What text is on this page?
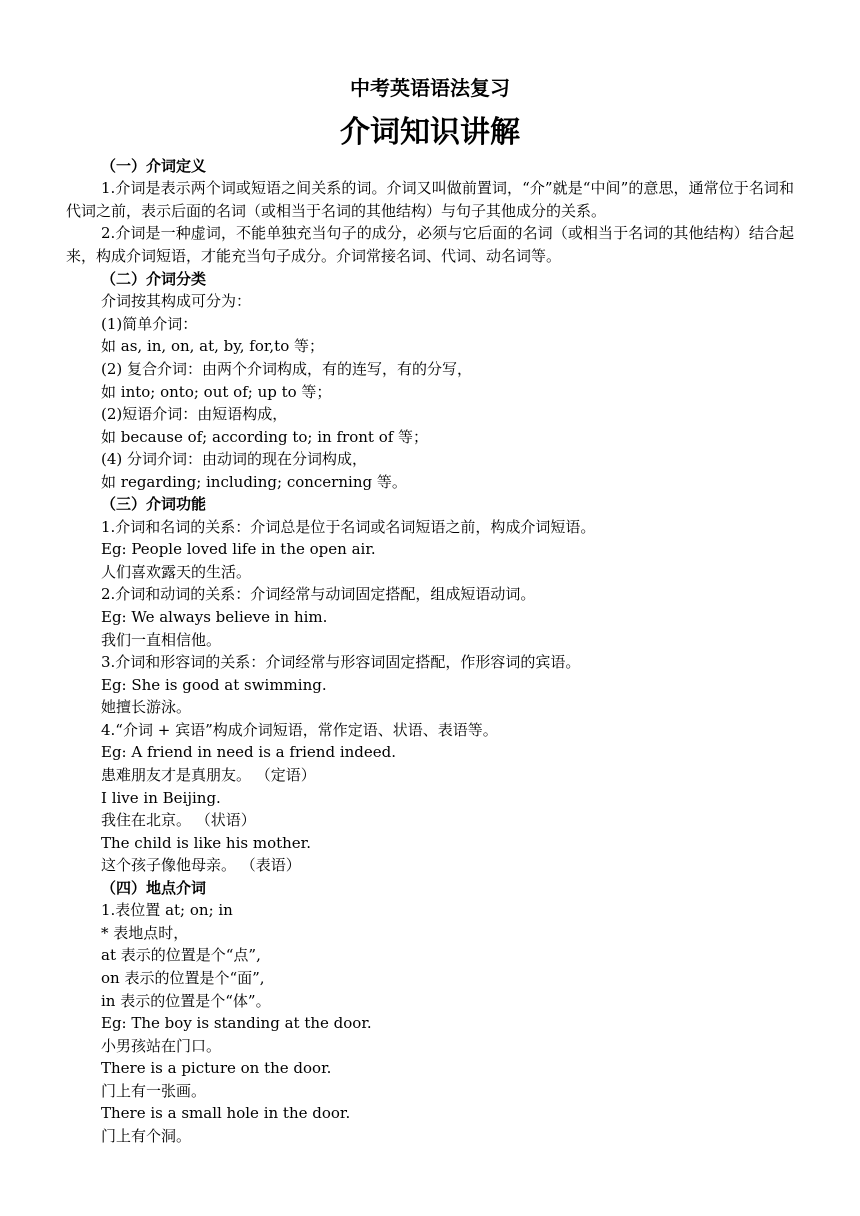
中考英语语法复习
介词知识讲解
（一）介词定义
1.介词是表示两个词或短语之间关系的词。介词又叫做前置词，“介”就是“中间”的意思，通常位于名词和代词之前，表示后面的名词（或相当于名词的其他结构）与句子其他成分的关系。
2.介词是一种虚词，不能单独充当句子的成分，必须与它后面的名词（或相当于名词的其他结构）结合起来，构成介词短语，才能充当句子成分。介词常接名词、代词、动名词等。
（二）介词分类
介词按其构成可分为：
(1)简单介词：
如 as, in, on, at, by, for,to 等；
(2) 复合介词：由两个介词构成，有的连写，有的分写，
如 into; onto; out of; up to 等；
(2)短语介词：由短语构成，
如 because of; according to; in front of 等；
(4) 分词介词：由动词的现在分词构成，
如 regarding; including; concerning 等。
（三）介词功能
1.介词和名词的关系：介词总是位于名词或名词短语之前，构成介词短语。
Eg: People loved life in the open air.
人们喜欢露天的生活。
2.介词和动词的关系：介词经常与动词固定搭配，组成短语动词。
Eg: We always believe in him.
我们一直相信他。
3.介词和形容词的关系：介词经常与形容词固定搭配，作形容词的宾语。
Eg: She is good at swimming.
她擅长游泳。
4.“介词 + 宾语”构成介词短语，常作定语、状语、表语等。
Eg: A friend in need is a friend indeed.
患难朋友才是真朋友。 （定语）
I live in Beijing.
我住在北京。 （状语）
The child is like his mother.
这个孩子像他母亲。 （表语）
（四）地点介词
1.表位置 at; on; in
* 表地点时，
at 表示的位置是个“点”,
on 表示的位置是个“面”,
in 表示的位置是个“体”。
Eg: The boy is standing at the door.
小男孩站在门口。
There is a picture on the door.
门上有一张画。
There is a small hole in the door.
门上有个洞。
